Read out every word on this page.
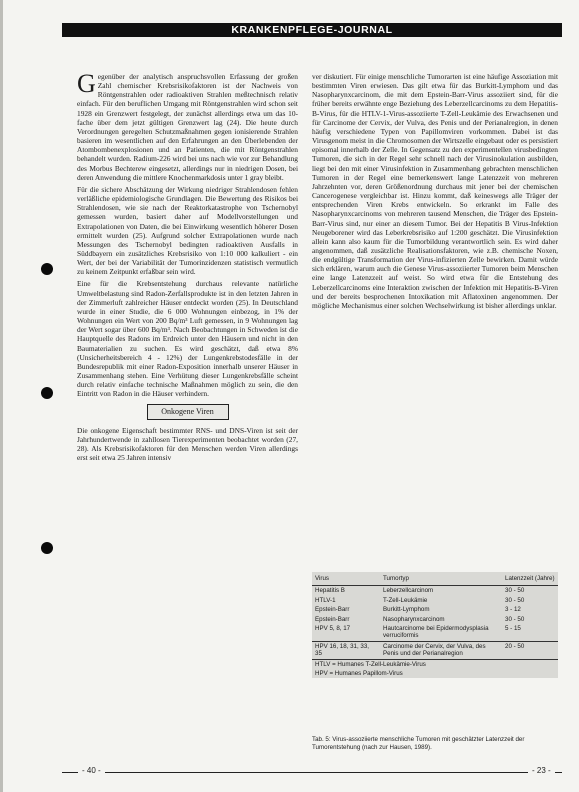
KRANKENPFLEGE-JOURNAL

Gegenüber der analytisch anspruchsvollen Erfassung der großen Zahl chemischer Krebsrisikofaktoren ist der Nachweis von Röntgenstrahlen oder radioaktiven Strahlen meßtechnisch relativ einfach. Für den beruflichen Umgang mit Röntgenstrahlen wird schon seit 1928 ein Grenzwert festgelegt, der zunächst allerdings etwa um das 10-fache über dem jetzt gültigen Grenzwert lag (24). Die heute durch Verordnungen geregelten Schutzmaßnahmen gegen ionisierende Strahlen basieren im wesentlichen auf den Erfahrungen an den Überlebenden der Atombombenexplosionen und an Patienten, die mit Röntgenstrahlen behandelt wurden. Radium-226 wird bei uns nach wie vor zur Behandlung des Morbus Bechterew eingesetzt, allerdings nur in niedrigen Dosen, bei deren Anwendung die mittlere Knochenmarkdosis unter 1 gray bleibt.

Für die sichere Abschätzung der Wirkung niedriger Strahlendosen fehlen verläßliche epidemiologische Grundlagen. Die Bewertung des Risikos bei Strahlendosen, wie sie nach der Reaktorkatastrophe von Tschernobyl gemessen wurden, basiert daher auf Modellvorstellungen und Extrapolationen von Daten, die bei Einwirkung wesentlich höherer Dosen ermittelt wurden (25). Aufgrund solcher Extrapolationen wurde nach Messungen des Tschernobyl bedingten radioaktiven Ausfalls in Süddbayern ein zusätzliches Krebsrisiko von 1:10 000 kalkuliert - ein Wert, der bei der Variabilität der Tumorinzidenzen statistisch vermutlich zu keinem Zeitpunkt erfaßbar sein wird.

Eine für die Krebsentstehung durchaus relevante natürliche Umweltbelastung sind Radon-Zerfallsprodukte ist in den letzten Jahren in der Zimmerluft zahlreicher Häuser entdeckt worden (25). In Deutschland wurde in einer Studie, die 6 000 Wohnungen einbezog, in 1% der Wohnungen ein Wert von 200 Bq/m³ Luft gemessen, in 9 Wohnungen lag der Wert sogar über 600 Bq/m³. Nach Beobachtungen in Schweden ist die Hauptquelle des Radons im Erdreich unter den Häusern und nicht in den Baumaterialien zu suchen. Es wird geschätzt, daß etwa 8% (Unsicherheitsbereich 4 - 12%) der Lungenkrebstodesfälle in der Bundesrepublik mit einer Radon-Exposition innerhalb unserer Häuser in Zusammenhang stehen. Eine Verhütung dieser Lungenkrebsfälle scheint durch relativ einfache technische Maßnahmen möglich zu sein, die den Eintritt von Radon in die Häuser verhindern.

Onkogene Viren

Die onkogene Eigenschaft bestimmter RNS- und DNS-Viren ist seit der Jahrhundertwende in zahllosen Tierexperimenten beobachtet worden (27, 28). Als Krebsrisikofaktoren für den Menschen werden Viren allerdings erst seit etwa 25 Jahren intensiv

ver diskutiert. Für einige menschliche Tumorarten ist eine häufige Assoziation mit bestimmten Viren erwiesen. Das gilt etwa für das Burkitt-Lymphom und das Nasopharynxcarcinom, die mit dem Epstein-Barr-Virus assoziiert sind, für die früher bereits erwähnte enge Beziehung des Leberzellcarcinoms zu dem Hepatitis-B-Virus, für die HTLV-1-Virus-assoziierte T-Zell-Leukämie des Erwachsenen und für Carcinome der Cervix, der Vulva, des Penis und der Perianalregion, in denen häufig verschiedene Typen von Papillomviren vorkommen. Dabei ist das Virusgenom meist in die Chromosomen der Wirtszelle eingebaut oder es persistiert episomal innerhalb der Zelle. In Gegensatz zu den experimentellen virusbedingten Tumoren, die sich in der Regel sehr schnell nach der Virusinokulation ausbilden, liegt bei den mit einer Virusinfektion in Zusammenhang gebrachten menschlichen Tumoren in der Regel eine bemerkenswert lange Latenzzeit von mehreren Jahrzehnten vor, deren Größenordnung durchaus mit jener bei der chemischen Cancerogenese vergleichbar ist. Hinzu kommt, daß keineswegs alle Träger der entsprechenden Viren Krebs entwickeln. So erkrankt im Falle des Nasopharynxcarcinoms von mehreren tausend Menschen, die Träger des Epstein-Barr-Virus sind, nur einer an diesem Tumor. Bei der Hepatitis B Virus-Infektion Neugeborener wird das Leberkrebsrisiko auf 1:200 geschätzt. Die Virusinfektion allein kann also kaum für die Tumorbildung verantwortlich sein. Es wird daher angenommen, daß zusätzliche Realisationsfaktoren, wie z.B. chemische Noxen, die endgültige Transformation der Virus-infizierten Zelle bewirken. Damit würde sich erklären, warum auch die Genese Virus-assoziierter Tumoren beim Menschen eine lange Latenzzeit auf weist. So wird etwa für die Entstehung des Leberzellcarcinoms eine Interaktion zwischen der Infektion mit Hepatitis-B-Viren und der bereits besprochenen Intoxikation mit Aflatoxinen angenommen. Der mögliche Mechanismus einer solchen Wechselwirkung ist bisher allerdings unklar.

Virus	Tumortyp	Latenzzeit (Jahre)
Hepatitis B	Leberzellcarcinom	30 - 50
HTLV-1	T-Zell-Leukämie	30 - 50
Epstein-Barr	Burkitt-Lymphom	3 - 12
Epstein-Barr	Nasopharynxcarcinom	30 - 50
HPV 5, 8, 17	Hautcarcinome bei Epidermodysplasia verruciformis	5 - 15
HPV 16, 18, 31, 33, 35	Carcinome der Cervix, der Vulva, des Penis und der Perianalregion	20 - 50
HTLV = Humanes T-Zell-Leukämie-Virus		
HPV = Humanes Papillom-Virus		
Tab. 5: Virus-assoziierte menschliche Tumoren mit geschätzter Latenzzeit der Tumorentstehung (nach zur Hausen, 1989).
- 40 -	- 23 -
